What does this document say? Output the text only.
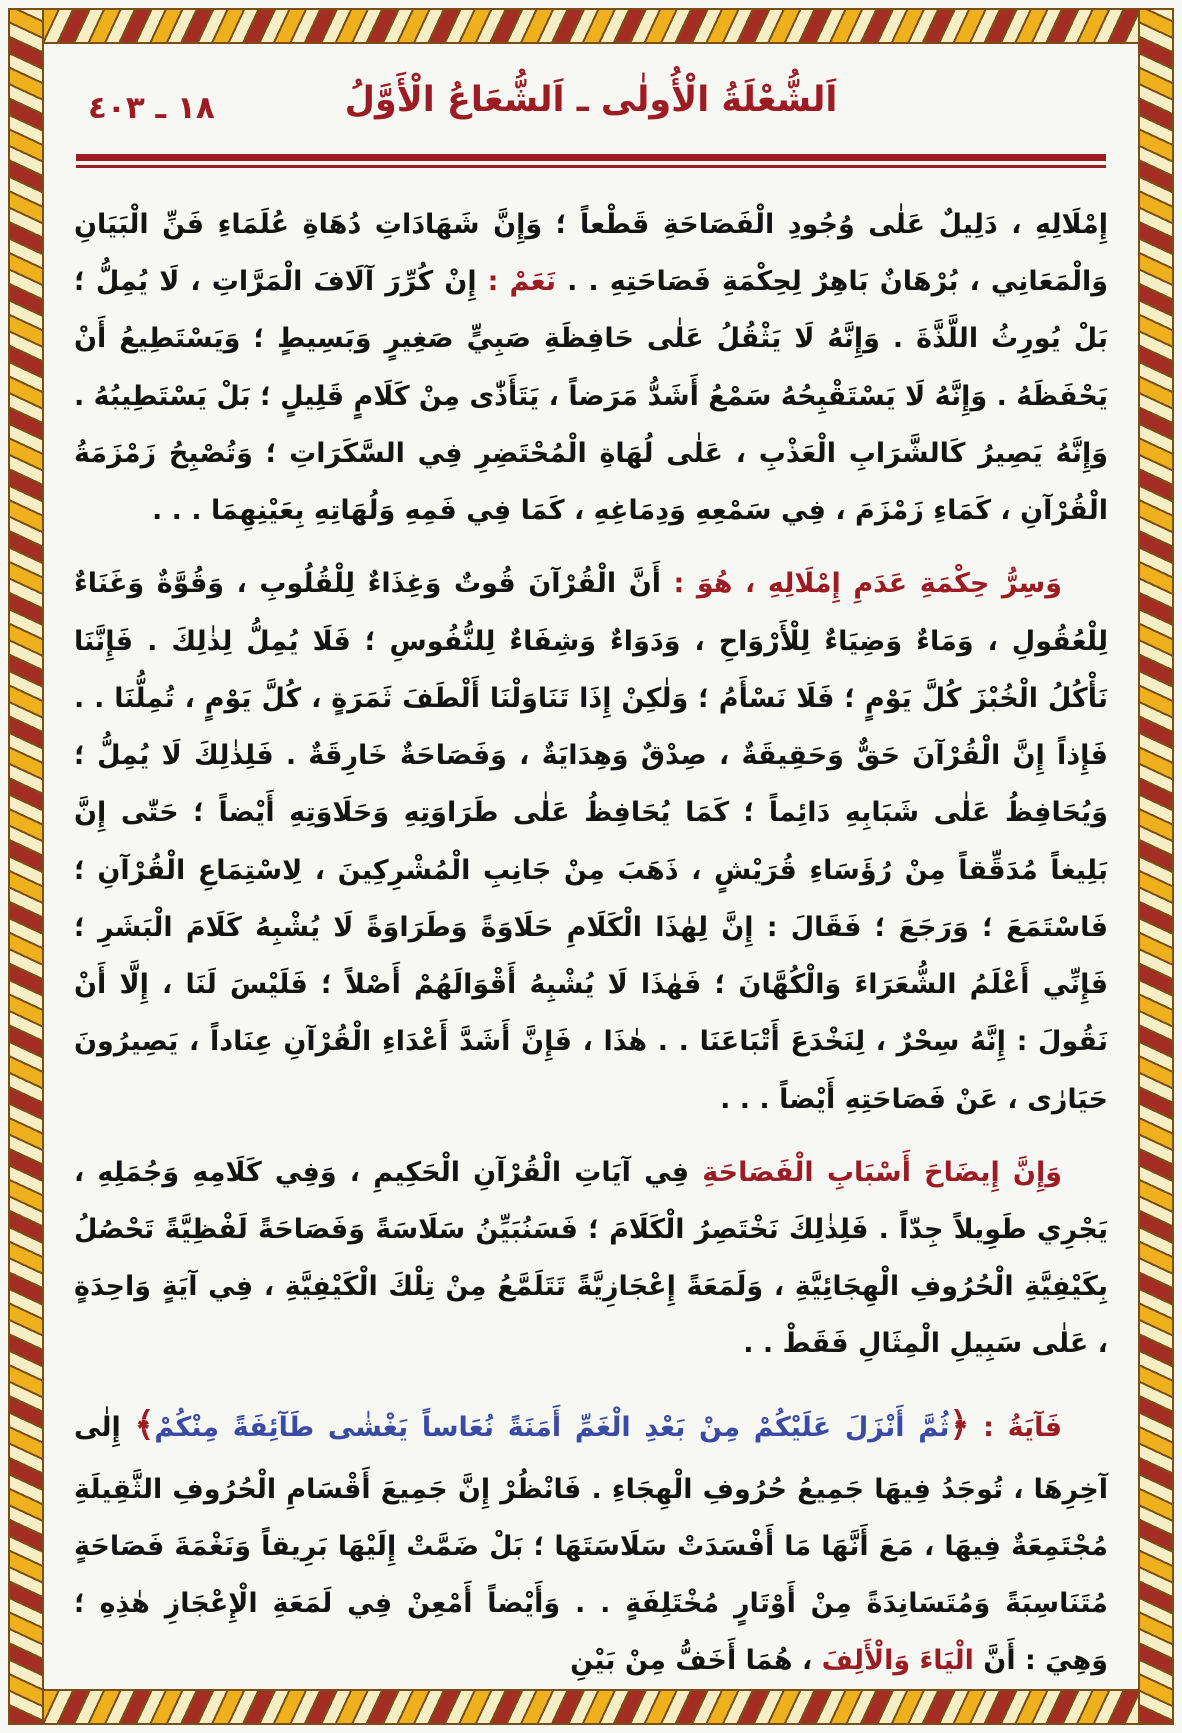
١٨ ـ ٤٠٣	اَلشُّعْلَةُ الْأُولٰى ـ اَلشُّعَاعُ الْأَوَّلُ

إِمْلَالِهِ ، دَلِيلٌ عَلٰى وُجُودِ الْفَصَاحَةِ قَطْعاً ؛ وَإِنَّ شَهَادَاتِ دُهَاةِ عُلَمَاءِ فَنِّ الْبَيَانِ وَالْمَعَانِي ، بُرْهَانٌ بَاهِرٌ لِحِكْمَةِ فَصَاحَتِهِ . . نَعَمْ : إِنْ كُرِّرَ آلَافَ الْمَرَّاتِ ، لَا يُمِلُّ ؛ بَلْ يُورِثُ اللَّذَّةَ . وَإِنَّهُ لَا يَثْقُلُ عَلٰى حَافِظَةِ صَبِيٍّ صَغِيرٍ وَبَسِيطٍ ؛ وَيَسْتَطِيعُ أَنْ يَحْفَظَهُ . وَإِنَّهُ لَا يَسْتَقْبِحُهُ سَمْعُ أَشَدُّ مَرَضاً ، يَتَأَذّٰى مِنْ كَلَامٍ قَلِيلٍ ؛ بَلْ يَسْتَطِيبُهُ . وَإِنَّهُ يَصِيرُ كَالشَّرَابِ الْعَذْبِ ، عَلٰى لُهَاةِ الْمُحْتَضِرِ فِي السَّكَرَاتِ ؛ وَتُصْبِحُ زَمْزَمَةُ الْقُرْآنِ ، كَمَاءِ زَمْزَمَ ، فِي سَمْعِهِ وَدِمَاغِهِ ، كَمَا فِي فَمِهِ وَلُهَاتِهِ بِعَيْنِهِمَا . . .

وَسِرُّ حِكْمَةِ عَدَمِ إِمْلَالِهِ ، هُوَ : أَنَّ الْقُرْآنَ قُوتٌ وَغِذَاءٌ لِلْقُلُوبِ ، وَقُوَّةٌ وَغَنَاءٌ لِلْعُقُولِ ، وَمَاءٌ وَضِيَاءٌ لِلْأَرْوَاحِ ، وَدَوَاءٌ وَشِفَاءٌ لِلنُّفُوسِ ؛ فَلَا يُمِلُّ لِذٰلِكَ . فَإِنَّنَا نَأْكُلُ الْخُبْزَ كُلَّ يَوْمٍ ؛ فَلَا نَسْأَمُ ؛ وَلٰكِنْ إِذَا تَنَاوَلْنَا أَلْطَفَ ثَمَرَةٍ ، كُلَّ يَوْمٍ ، تُمِلُّنَا . . فَإِذاً إِنَّ الْقُرْآنَ حَقٌّ وَحَقِيقَةٌ ، صِدْقٌ وَهِدَايَةٌ ، وَفَصَاحَةٌ خَارِقَةٌ . فَلِذٰلِكَ لَا يُمِلُّ ؛ وَيُحَافِظُ عَلٰى شَبَابِهِ دَائِماً ؛ كَمَا يُحَافِظُ عَلٰى طَرَاوَتِهِ وَحَلَاوَتِهِ أَيْضاً ؛ حَتّٰى إِنَّ بَلِيغاً مُدَقِّقاً مِنْ رُؤَسَاءِ قُرَيْشٍ ، ذَهَبَ مِنْ جَانِبِ الْمُشْرِكِينَ ، لِاسْتِمَاعِ الْقُرْآنِ ؛ فَاسْتَمَعَ ؛ وَرَجَعَ ؛ فَقَالَ : إِنَّ لِهٰذَا الْكَلَامِ حَلَاوَةً وَطَرَاوَةً لَا يُشْبِهُ كَلَامَ الْبَشَرِ ؛ فَإِنِّي أَعْلَمُ الشُّعَرَاءَ وَالْكُهَّانَ ؛ فَهٰذَا لَا يُشْبِهُ أَقْوَالَهُمْ أَصْلاً ؛ فَلَيْسَ لَنَا ، إِلَّا أَنْ نَقُولَ : إِنَّهُ سِحْرٌ ، لِنَخْدَعَ أَتْبَاعَنَا . . هٰذَا ، فَإِنَّ أَشَدَّ أَعْدَاءِ الْقُرْآنِ عِنَاداً ، يَصِيرُونَ حَيَارٰى ، عَنْ فَصَاحَتِهِ أَيْضاً . . .

وَإِنَّ إِيضَاحَ أَسْبَابِ الْفَصَاحَةِ فِي آيَاتِ الْقُرْآنِ الْحَكِيمِ ، وَفِي كَلَامِهِ وَجُمَلِهِ ، يَجْرِي طَوِيلاً جِدّاً . فَلِذٰلِكَ نَخْتَصِرُ الْكَلَامَ ؛ فَسَنُبَيِّنُ سَلَاسَةً وَفَصَاحَةً لَفْظِيَّةً تَحْصُلُ بِكَيْفِيَّةِ الْحُرُوفِ الْهِجَائِيَّةِ ، وَلَمَعَةً إِعْجَازِيَّةً تَتَلَمَّعُ مِنْ تِلْكَ الْكَيْفِيَّةِ ، فِي آيَةٍ وَاحِدَةٍ ، عَلٰى سَبِيلِ الْمِثَالِ فَقَطْ . .

فَآيَةُ : ﴿ثُمَّ أَنْزَلَ عَلَيْكُمْ مِنْ بَعْدِ الْغَمِّ أَمَنَةً نُعَاساً يَغْشٰى طَآئِفَةً مِنْكُمْ﴾ إِلٰى آخِرِهَا ، تُوجَدُ فِيهَا جَمِيعُ حُرُوفِ الْهِجَاءِ . فَانْظُرْ إِنَّ جَمِيعَ أَقْسَامِ الْحُرُوفِ الثَّقِيلَةِ مُجْتَمِعَةٌ فِيهَا ، مَعَ أَنَّهَا مَا أَفْسَدَتْ سَلَاسَتَهَا ؛ بَلْ ضَمَّتْ إِلَيْهَا بَرِيقاً وَنَغْمَةَ فَصَاحَةٍ مُتَنَاسِبَةً وَمُتَسَانِدَةً مِنْ أَوْتَارٍ مُخْتَلِفَةٍ . . وَأَيْضاً أَمْعِنْ فِي لَمَعَةِ الْإِعْجَازِ هٰذِهِ ؛ وَهِيَ : أَنَّ الْيَاءَ وَالْأَلِفَ ، هُمَا أَخَفُّ مِنْ بَيْنِ
